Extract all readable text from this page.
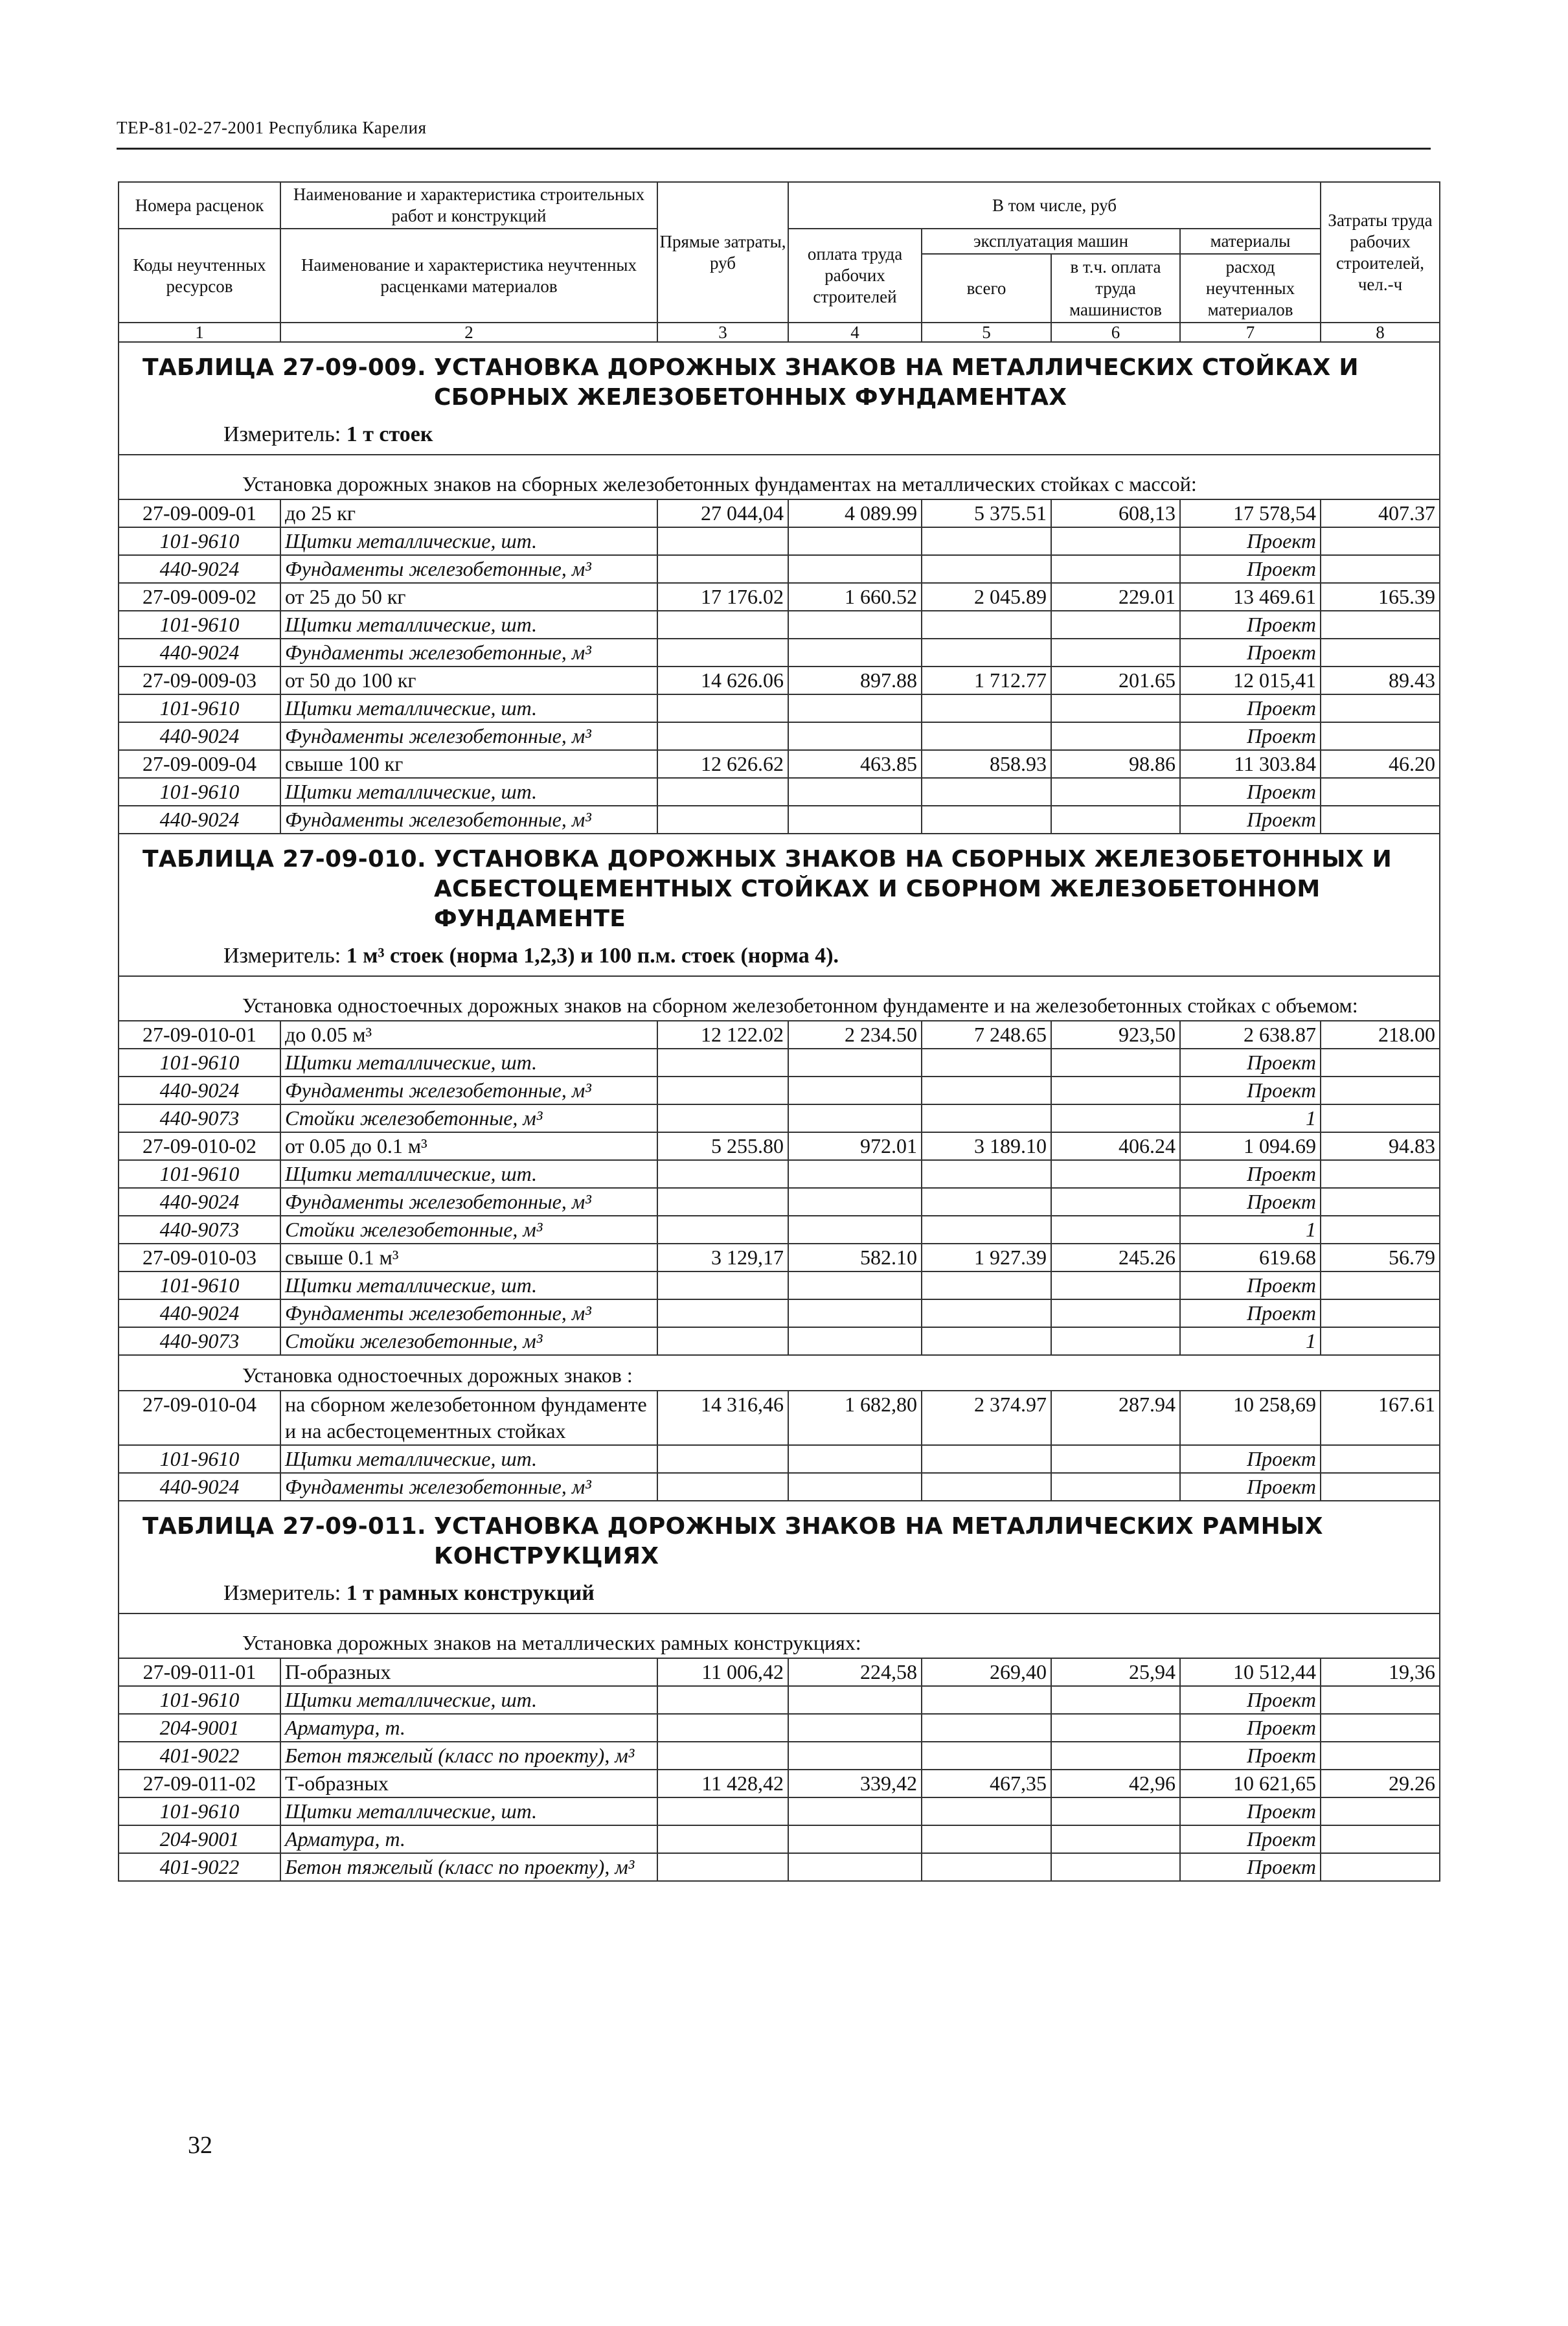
ТЕР-81-02-27-2001 Республика Карелия
Номера расценок	Наименование и характеристика строительных работ и конструкций	Прямые затраты, руб	В том числе, руб				Затраты труда рабочих строителей, чел.-ч
Коды неучтенных ресурсов	Наименование и характеристика неучтенных расценками материалов		оплата труда рабочих строителей	эксплуатация машин		материалы	
				всего	в т.ч. оплата труда машинистов	расход неучтенных материалов	
1	2	3	4	5	6	7	8

ТАБЛИЦА 27-09-009. УСТАНОВКА ДОРОЖНЫХ ЗНАКОВ НА МЕТАЛЛИЧЕСКИХ СТОЙКАХ И СБОРНЫХ ЖЕЛЕЗОБЕТОННЫХ ФУНДАМЕНТАХ							

Измеритель: 1 т стоек							

Установка дорожных знаков на сборных железобетонных фундаментах на металлических стойках с массой:							
27-09-009-01	до 25 кг	27 044,04	4 089.99	5 375.51	608,13	17 578,54	407.37
101-9610	Щитки металлические, шт.					Проект	
440-9024	Фундаменты железобетонные, м³					Проект	
27-09-009-02	от 25 до 50 кг	17 176.02	1 660.52	2 045.89	229.01	13 469.61	165.39
101-9610	Щитки металлические, шт.					Проект	
440-9024	Фундаменты железобетонные, м³					Проект	
27-09-009-03	от 50 до 100 кг	14 626.06	897.88	1 712.77	201.65	12 015,41	89.43
101-9610	Щитки металлические, шт.					Проект	
440-9024	Фундаменты железобетонные, м³					Проект	
27-09-009-04	свыше 100 кг	12 626.62	463.85	858.93	98.86	11 303.84	46.20
101-9610	Щитки металлические, шт.					Проект	
440-9024	Фундаменты железобетонные, м³					Проект	

ТАБЛИЦА 27-09-010. УСТАНОВКА ДОРОЖНЫХ ЗНАКОВ НА СБОРНЫХ ЖЕЛЕЗОБЕТОННЫХ И АСБЕСТОЦЕМЕНТНЫХ СТОЙКАХ И СБОРНОМ ЖЕЛЕЗОБЕТОННОМ ФУНДАМЕНТЕ							

Измеритель: 1 м³ стоек (норма 1,2,3) и 100 п.м. стоек (норма 4).							

Установка одностоечных дорожных знаков на сборном железобетонном фундаменте и на железобетонных стойках с объемом:							
27-09-010-01	до 0.05 м³	12 122.02	2 234.50	7 248.65	923,50	2 638.87	218.00
101-9610	Щитки металлические, шт.					Проект	
440-9024	Фундаменты железобетонные, м³					Проект	
440-9073	Стойки железобетонные, м³					1	
27-09-010-02	от 0.05 до 0.1 м³	5 255.80	972.01	3 189.10	406.24	1 094.69	94.83
101-9610	Щитки металлические, шт.					Проект	
440-9024	Фундаменты железобетонные, м³					Проект	
440-9073	Стойки железобетонные, м³					1	
27-09-010-03	свыше 0.1 м³	3 129,17	582.10	1 927.39	245.26	619.68	56.79
101-9610	Щитки металлические, шт.					Проект	
440-9024	Фундаменты железобетонные, м³					Проект	
440-9073	Стойки железобетонные, м³					1	
Установка одностоечных дорожных знаков :							
27-09-010-04	на сборном железобетонном фундаменте и на асбестоцементных стойках	14 316,46	1 682,80	2 374.97	287.94	10 258,69	167.61
101-9610	Щитки металлические, шт.					Проект	
440-9024	Фундаменты железобетонные, м³					Проект	

ТАБЛИЦА 27-09-011. УСТАНОВКА ДОРОЖНЫХ ЗНАКОВ НА МЕТАЛЛИЧЕСКИХ РАМНЫХ КОНСТРУКЦИЯХ							

Измеритель: 1 т рамных конструкций							

Установка дорожных знаков на металлических рамных конструкциях:							
27-09-011-01	П-образных	11 006,42	224,58	269,40	25,94	10 512,44	19,36
101-9610	Щитки металлические, шт.					Проект	
204-9001	Арматура, т.					Проект	
401-9022	Бетон тяжелый (класс по проекту), м³					Проект	
27-09-011-02	Т-образных	11 428,42	339,42	467,35	42,96	10 621,65	29.26
101-9610	Щитки металлические, шт.					Проект	
204-9001	Арматура, т.					Проект	
401-9022	Бетон тяжелый (класс по проекту), м³					Проект	
32
